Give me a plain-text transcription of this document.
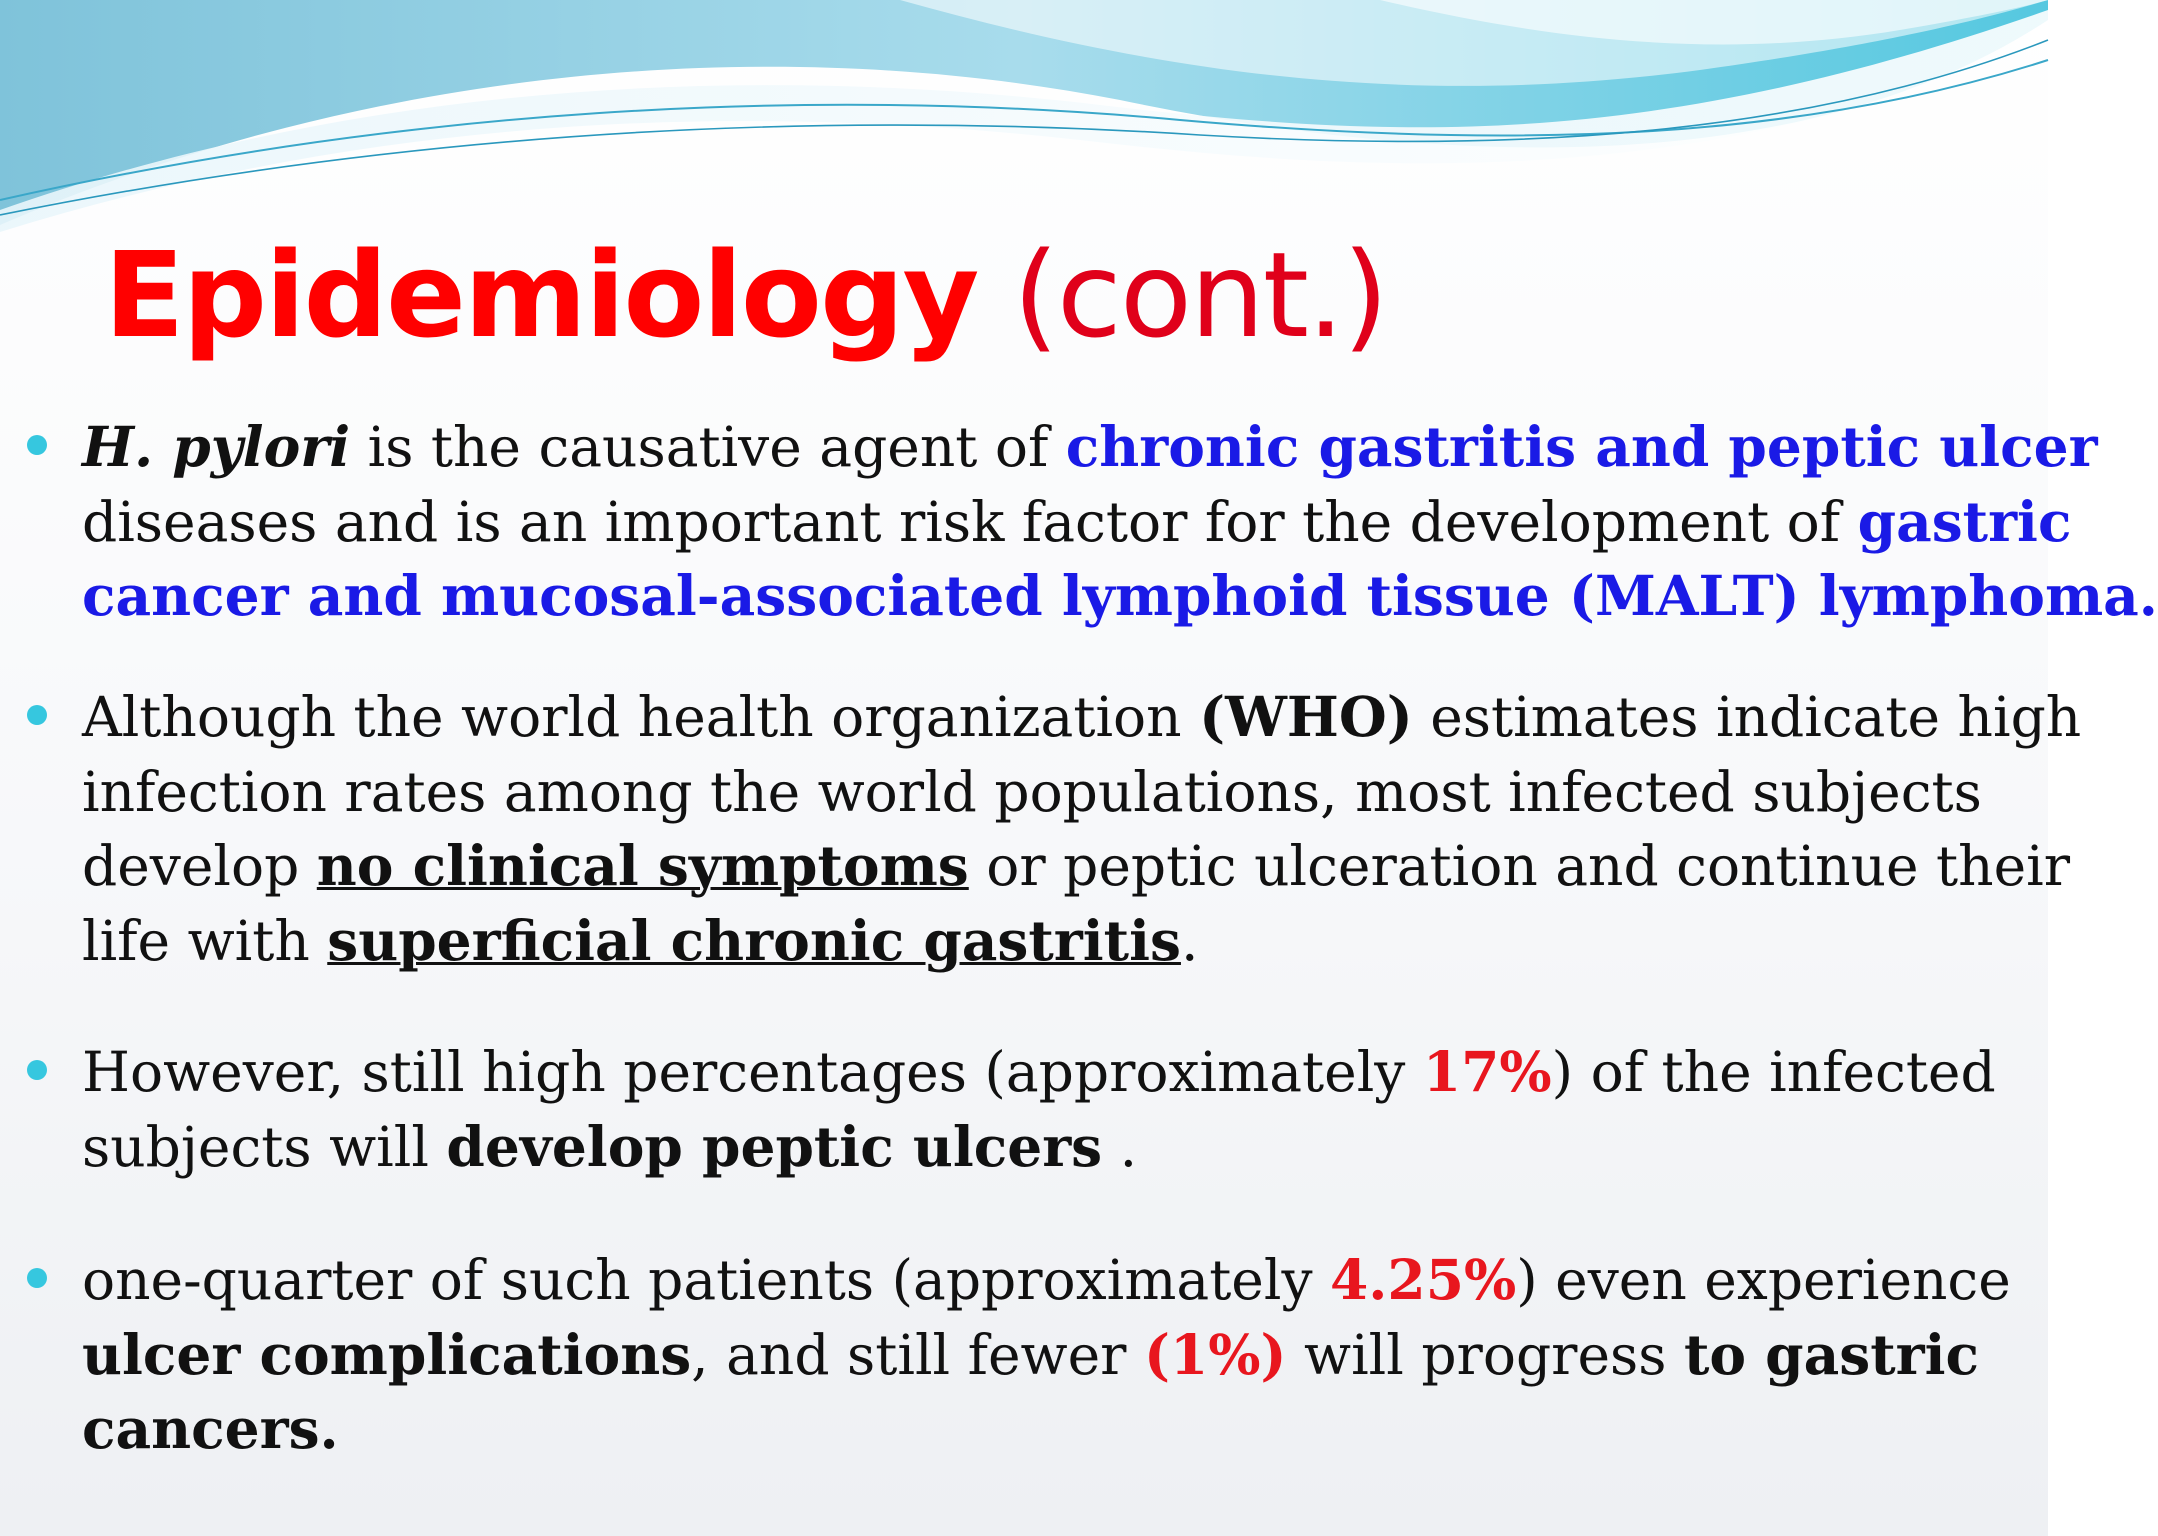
Epidemiology (cont.)
H. pylori is the causative agent of chronic gastritis and peptic ulcer
diseases and is an important risk factor for the development of gastric
cancer and mucosal-associated lymphoid tissue (MALT) lymphoma.
Although the world health organization (WHO) estimates indicate high
infection rates among the world populations, most infected subjects
develop no clinical symptoms or peptic ulceration and continue their
life with superficial chronic gastritis.
However, still high percentages (approximately 17%) of the infected
subjects will develop peptic ulcers .
one-quarter of such patients (approximately 4.25%) even experience
ulcer complications, and still fewer (1%) will progress to gastric
cancers.
